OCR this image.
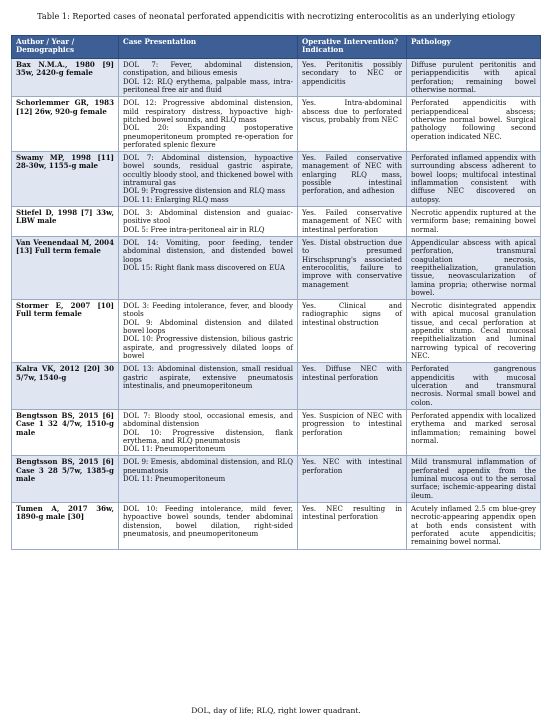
Table 1: Reported cases of neonatal perforated appendicitis with necrotizing enterocolitis as an underlying etiology
Author / Year / Demographics	Case Presentation	Operative Intervention? Indication	Pathology
Bax N.M.A., 1980 [9] 35w, 2420-g female	DOL 7: Fever, abdominal distension, constipation, and bilious emesis
DOL 12: RLQ erythema, palpable mass, intra-peritoneal free air and fluid	Yes. Peritonitis possibly secondary to NEC or appendicitis	Diffuse purulent peritonitis and periappendicitis with apical perforation; remaining bowel otherwise normal.
Schorlemmer GR, 1983 [12] 26w, 920-g female	DOL 12: Progressive abdominal distension, mild respiratory distress, hypoactive high-pitched bowel sounds, and RLQ mass
DOL 20: Expanding postoperative pneumoperitoneum prompted re-operation for perforated splenic flexure	Yes. Intra-abdominal abscess due to perforated viscus, probably from NEC	Perforated appendicitis with periappendiceal abscess; otherwise normal bowel. Surgical pathology following second operation indicated NEC.
Swamy MP, 1998 [11] 28-30w, 1155-g male	DOL 7: Abdominal distension, hypoactive bowel sounds, residual gastric aspirate, occultly bloody stool, and thickened bowel with intramural gas
DOL 9: Progressive distension and RLQ mass
DOL 11: Enlarging RLQ mass	Yes. Failed conservative management of NEC with enlarging RLQ mass, possible intestinal perforation, and adhesion	Perforated inflamed appendix with surrounding abscess adherent to bowel loops; multifocal intestinal inflammation consistent with diffuse NEC discovered on autopsy.
Stiefel D, 1998 [7] 33w, LBW male	DOL 3: Abdominal distension and guaiac-positive stool
DOL 5: Free intra-peritoneal air in RLQ	Yes. Failed conservative management of NEC with intestinal perforation	Necrotic appendix ruptured at the vermiform base; remaining bowel normal.
Van Veenendaal M, 2004 [13] Full term female	DOL 14: Vomiting, poor feeding, tender abdominal distension, and distended bowel loops
DOL 15: Right flank mass discovered on EUA	Yes. Distal obstruction due to presumed Hirschsprung's associated enterocolitis, failure to improve with conservative management	Appendicular abscess with apical perforation, transmural coagulation necrosis, reepithelialization, granulation tissue, neovascularization of lamina propria; otherwise normal bowel.
Stormer E, 2007 [10] Full term female	DOL 3: Feeding intolerance, fever, and bloody stools
DOL 9: Abdominal distension and dilated bowel loops
DOL 10: Progressive distension, bilious gastric aspirate, and progressively dilated loops of bowel	Yes. Clinical and radiographic signs of intestinal obstruction	Necrotic disintegrated appendix with apical mucosal granulation tissue, and cecal perforation at appendix stump. Cecal mucosal reepithelialization and luminal narrowing typical of recovering NEC.
Kalra VK, 2012 [20] 30 5/7w, 1540-g	DOL 13: Abdominal distension, small residual gastric aspirate, extensive pneumatosis intestinalis, and pneumoperitoneum	Yes. Diffuse NEC with intestinal perforation	Perforated gangrenous appendicitis with mucosal ulceration and transmural necrosis. Normal small bowel and colon.
Bengtsson BS, 2015 [6] Case 1 32 4/7w, 1510-g male	DOL 7: Bloody stool, occasional emesis, and abdominal distension
DOL 10: Progressive distension, flank erythema, and RLQ pneumatosis
DOL 11: Pneumoperitoneum	Yes. Suspicion of NEC with progression to intestinal perforation	Perforated appendix with localized erythema and marked serosal inflammation; remaining bowel normal.
Bengtsson BS, 2015 [6] Case 3 28 5/7w, 1385-g male	DOL 9: Emesis, abdominal distension, and RLQ pneumatosis
DOL 11: Pneumoperitoneum	Yes. NEC with intestinal perforation	Mild transmural inflammation of perforated appendix from the luminal mucosa out to the serosal surface; ischemic-appearing distal ileum.
Tumen A, 2017 36w, 1890-g male [30]	DOL 10: Feeding intolerance, mild fever, hypoactive bowel sounds, tender abdominal distension, bowel dilation, right-sided pneumatosis, and pneumoperitoneum	Yes. NEC resulting in intestinal perforation	Acutely inflamed 2.5 cm blue-grey necrotic-appearing appendix open at both ends consistent with perforated acute appendicitis; remaining bowel normal.
DOL, day of life; RLQ, right lower quadrant.
